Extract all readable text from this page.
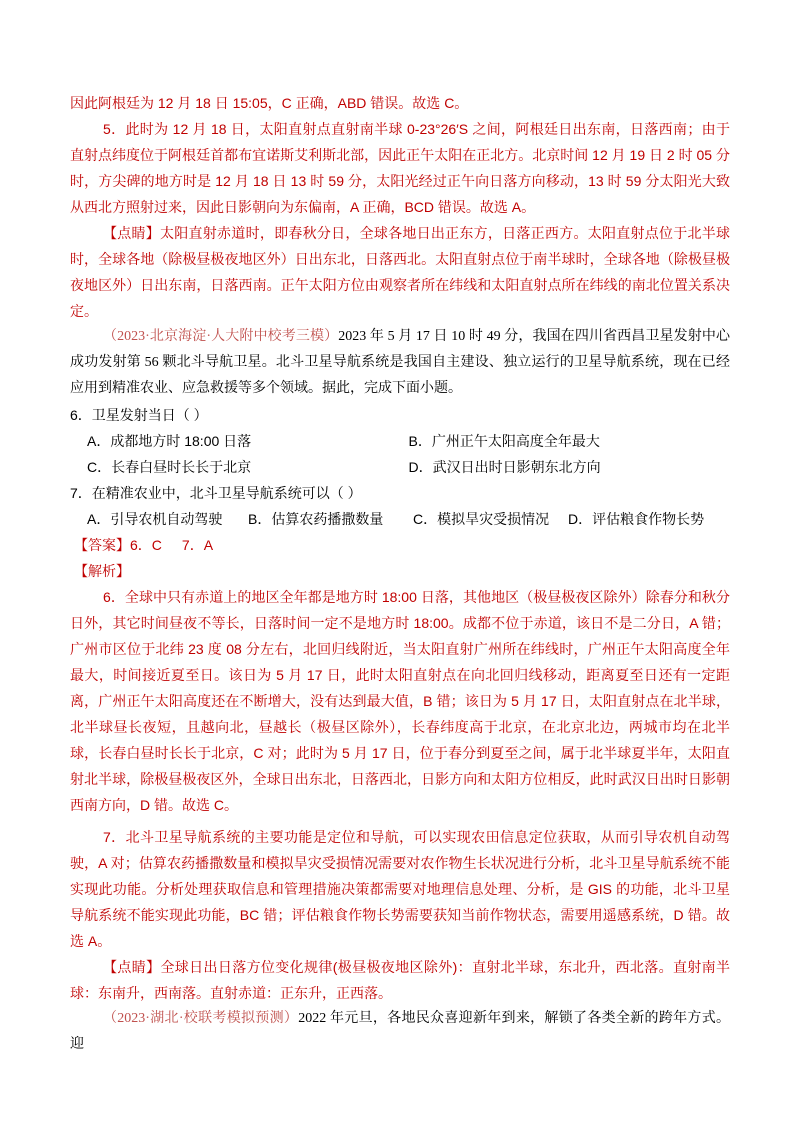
因此阿根廷为 12 月 18 日 15:05，C 正确，ABD 错误。故选 C。

5．此时为 12 月 18 日，太阳直射点直射南半球 0-23°26′S 之间，阿根廷日出东南，日落西南；由于直射点纬度位于阿根廷首都布宜诺斯艾利斯北部，因此正午太阳在正北方。北京时间 12 月 19 日 2 时 05 分时，方尖碑的地方时是 12 月 18 日 13 时 59 分，太阳光经过正午向日落方向移动，13 时 59 分太阳光大致从西北方照射过来，因此日影朝向为东偏南，A 正确，BCD 错误。故选 A。

【点睛】太阳直射赤道时，即春秋分日，全球各地日出正东方，日落正西方。太阳直射点位于北半球时，全球各地（除极昼极夜地区外）日出东北，日落西北。太阳直射点位于南半球时，全球各地（除极昼极夜地区外）日出东南，日落西南。正午太阳方位由观察者所在纬线和太阳直射点所在纬线的南北位置关系决定。

（2023·北京海淀·人大附中校考三模）2023 年 5 月 17 日 10 时 49 分，我国在四川省西昌卫星发射中心成功发射第 56 颗北斗导航卫星。北斗卫星导航系统是我国自主建设、独立运行的卫星导航系统，现在已经应用到精准农业、应急救援等多个领域。据此，完成下面小题。

6．卫星发射当日（ ）

A．成都地方时 18:00 日落	B．广州正午太阳高度全年最大
C．长春白昼时长长于北京	D．武汉日出时日影朝东北方向

7．在精准农业中，北斗卫星导航系统可以（ ）

A．引导农机自动驾驶	B．估算农药播撒数量	C．模拟旱灾受损情况	D．评估粮食作物长势
【答案】 6．C 7．A
【解析】

6．全球中只有赤道上的地区全年都是地方时 18:00 日落，其他地区（极昼极夜区除外）除春分和秋分日外，其它时间昼夜不等长，日落时间一定不是地方时 18:00。成都不位于赤道，该日不是二分日，A 错；广州市区位于北纬 23 度 08 分左右，北回归线附近，当太阳直射广州所在纬线时，广州正午太阳高度全年最大，时间接近夏至日。该日为 5 月 17 日，此时太阳直射点在向北回归线移动，距离夏至日还有一定距离，广州正午太阳高度还在不断增大，没有达到最大值，B 错；该日为 5 月 17 日，太阳直射点在北半球，北半球昼长夜短，且越向北，昼越长（极昼区除外），长春纬度高于北京，在北京北边，两城市均在北半球，长春白昼时长长于北京，C 对；此时为 5 月 17 日，位于春分到夏至之间，属于北半球夏半年，太阳直射北半球，除极昼极夜区外，全球日出东北，日落西北，日影方向和太阳方位相反，此时武汉日出时日影朝西南方向，D 错。故选 C。

7．北斗卫星导航系统的主要功能是定位和导航，可以实现农田信息定位获取，从而引导农机自动驾驶，A 对；估算农药播撒数量和模拟旱灾受损情况需要对农作物生长状况进行分析，北斗卫星导航系统不能实现此功能。分析处理获取信息和管理措施决策都需要对地理信息处理、分析，是 GIS 的功能，北斗卫星导航系统不能实现此功能，BC 错；评估粮食作物长势需要获知当前作物状态，需要用遥感系统，D 错。故选 A。

【点睛】全球日出日落方位变化规律(极昼极夜地区除外)：直射北半球，东北升，西北落。直射南半球：东南升，西南落。直射赤道：正东升，正西落。

（2023·湖北·校联考模拟预测）2022 年元旦，各地民众喜迎新年到来，解锁了各类全新的跨年方式。迎
